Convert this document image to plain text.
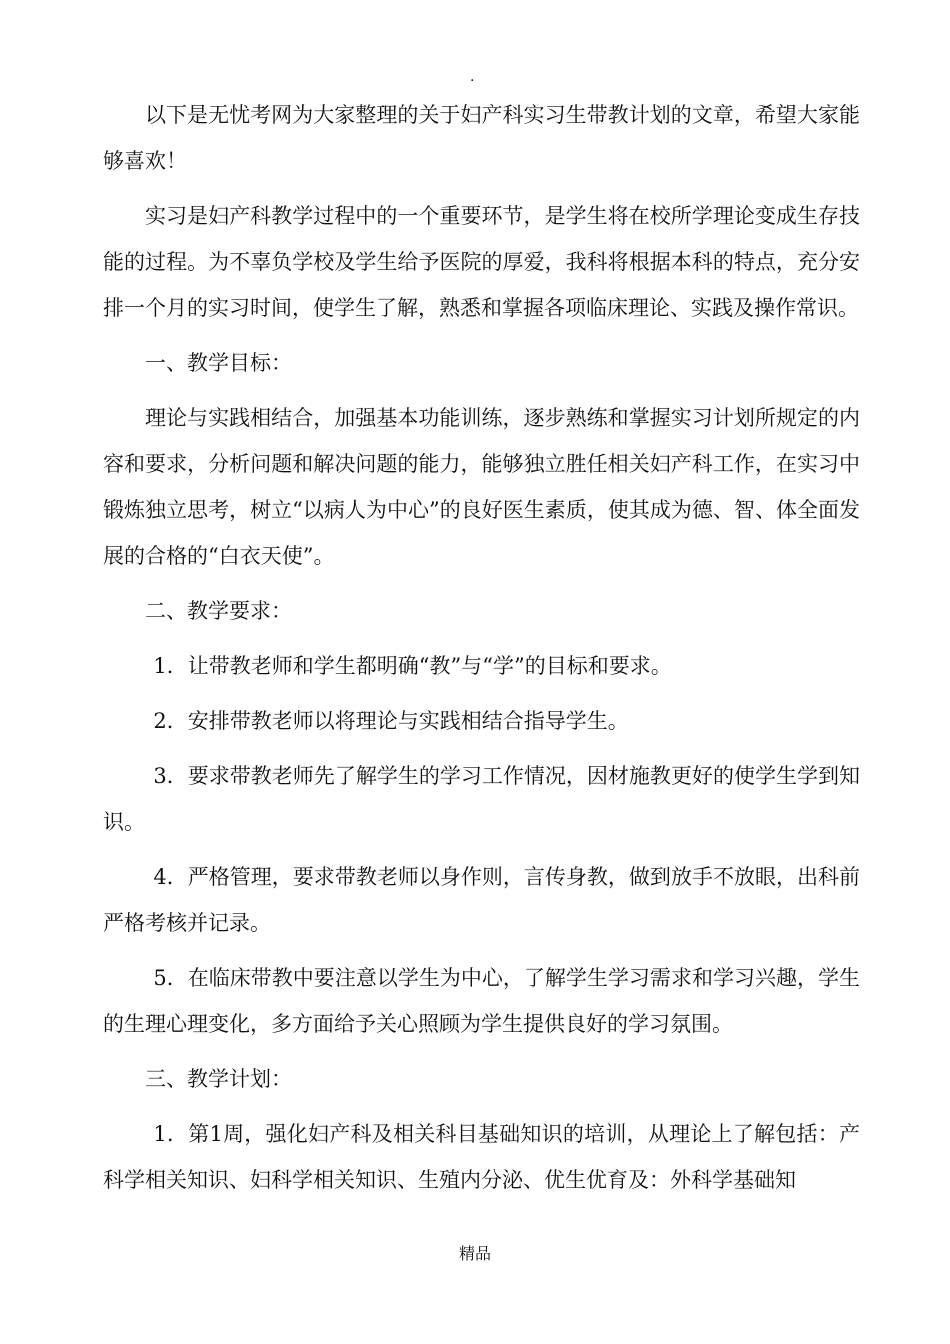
.

以下是无忧考网为大家整理的关于妇产科实习生带教计划的文章，希望大家能够喜欢！

实习是妇产科教学过程中的一个重要环节，是学生将在校所学理论变成生存技能的过程。为不辜负学校及学生给予医院的厚爱，我科将根据本科的特点，充分安排一个月的实习时间，使学生了解，熟悉和掌握各项临床理论、实践及操作常识。

一、教学目标：

理论与实践相结合，加强基本功能训练，逐步熟练和掌握实习计划所规定的内容和要求，分析问题和解决问题的能力，能够独立胜任相关妇产科工作，在实习中锻炼独立思考，树立“以病人为中心”的良好医生素质，使其成为德、智、体全面发展的合格的“白衣天使”。

二、教学要求：

1．让带教老师和学生都明确“教”与“学”的目标和要求。

2．安排带教老师以将理论与实践相结合指导学生。

3．要求带教老师先了解学生的学习工作情况，因材施教更好的使学生学到知识。

4．严格管理，要求带教老师以身作则，言传身教，做到放手不放眼，出科前严格考核并记录。

5．在临床带教中要注意以学生为中心，了解学生学习需求和学习兴趣，学生的生理心理变化，多方面给予关心照顾为学生提供良好的学习氛围。

三、教学计划：

1．第1周，强化妇产科及相关科目基础知识的培训，从理论上了解包括：产科学相关知识、妇科学相关知识、生殖内分泌、优生优育及：外科学基础知

精品
